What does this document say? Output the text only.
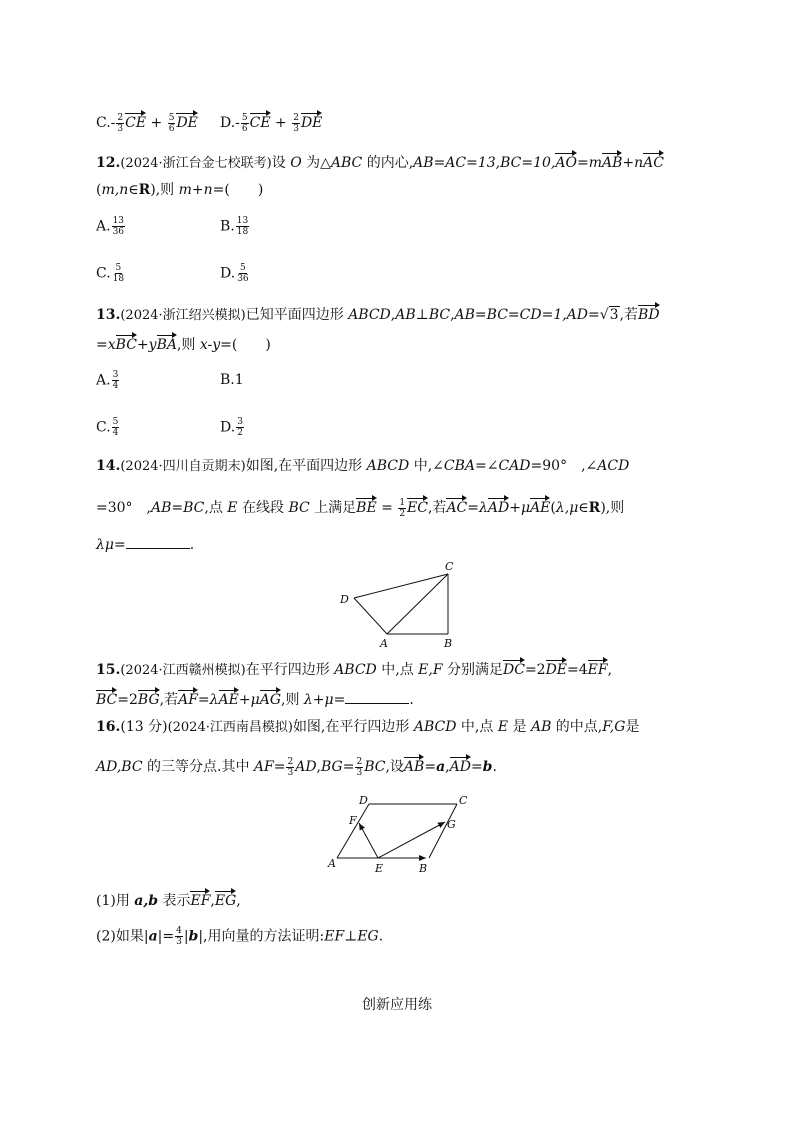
$C.- \frac{2}{3}$ CE + $\frac{5}{6}$ DE $D.- \frac{5}{6}$ CE + $\frac{2}{3}$ DE
12.(2024·浙江台金七校联考)设 O 为△ABC 的内心,AB=AC=13,BC=10,AO=mAB+nAC
(m,n∈R),则 m+n=(　　)
A. $\frac{13}{36}$	B. $\frac{13}{18}$
C. $\frac{5}{18}$	D. $\frac{5}{36}$
13.(2024·浙江绍兴模拟)已知平面四边形 ABCD,AB⊥BC,AB=BC=CD=1,AD=√3,若BD
=xBC+yBA,则 x-y=(　　)
A. $\frac{3}{4}$	B.1
C. $\frac{5}{4}$	D. $\frac{3}{2}$
14.(2024·四川自贡期末)如图,在平面四边形 ABCD 中,∠CBA=∠CAD=90°　,∠ACD
=30°　,AB=BC,点 E 在线段 BC 上满足BE = $\frac{1}{2}$ EC,若AC=λAD+μAE(λ,μ∈R),则
λμ=	.
C
D
A	B
15.(2024·江西赣州模拟)在平行四边形 ABCD 中,点 E,F 分别满足DC=2DE=4EF,
BC=2BG,若AF=λAE+μAG,则 λ+μ=	.
16.(13 分)(2024·江西南昌模拟)如图,在平行四边形 ABCD 中,点 E 是 AB 的中点,F,G是
AD,BC 的三等分点.其中 $AF= \frac{2}{3} AD,BG= \frac{2}{3}$ BC,设AB=a,AD=b.
D	C
F	G
A	E	B
(1)用 a,b 表示EF,EG,
(2)如果$|a|= \frac{4}{3} |b|$,用向量的方法证明:EF⊥EG.
创新应用练
